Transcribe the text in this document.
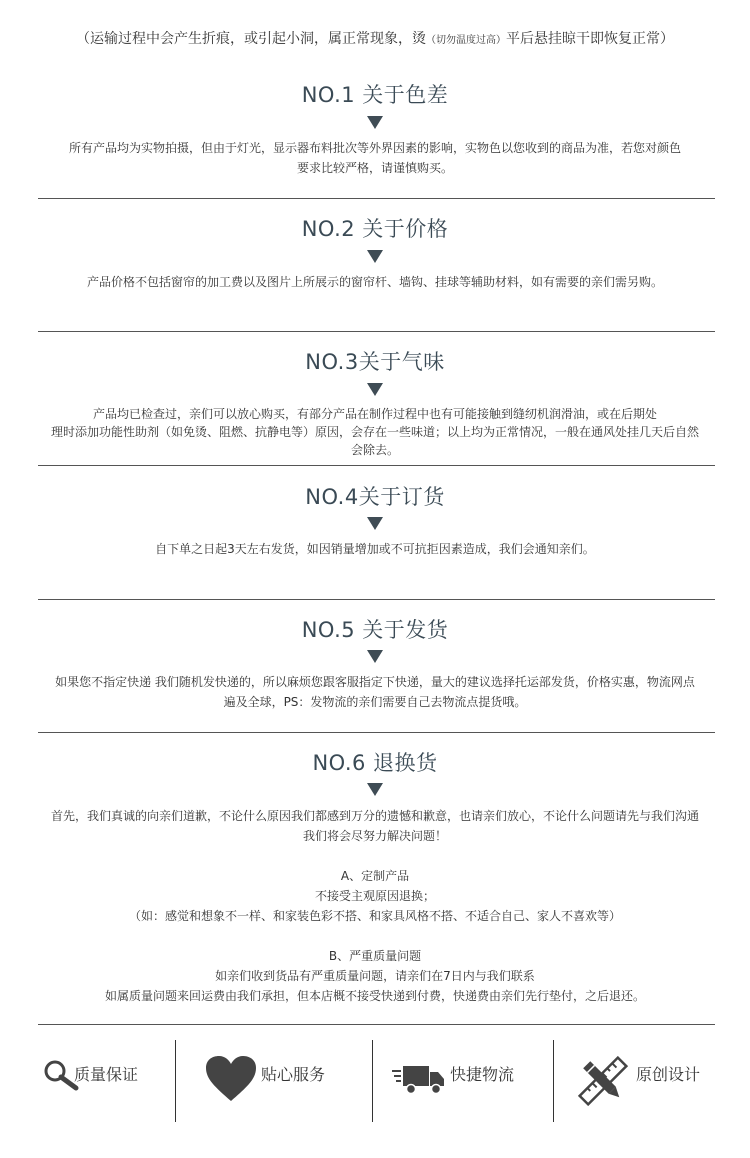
（运输过程中会产生折痕，或引起小洞，属正常现象，烫（切勿温度过高）平后悬挂晾干即恢复正常）
NO.1 关于色差
所有产品均为实物拍摄，但由于灯光，显示器布料批次等外界因素的影响，实物色以您收到的商品为准，若您对颜色
要求比较严格，请谨慎购买。
NO.2 关于价格
产品价格不包括窗帘的加工费以及图片上所展示的窗帘杆、墙钩、挂球等辅助材料，如有需要的亲们需另购。
NO.3关于气味
产品均已检查过，亲们可以放心购买，有部分产品在制作过程中也有可能接触到缝纫机润滑油，或在后期处
理时添加功能性助剂（如免烫、阻燃、抗静电等）原因，会存在一些味道；以上均为正常情况，一般在通风处挂几天后自然
会除去。
NO.4关于订货
自下单之日起3天左右发货，如因销量增加或不可抗拒因素造成，我们会通知亲们。
NO.5 关于发货
如果您不指定快递 我们随机发快递的，所以麻烦您跟客服指定下快递，量大的建议选择托运部发货，价格实惠，物流网点
遍及全球，PS：发物流的亲们需要自己去物流点提货哦。
NO.6 退换货
首先，我们真诚的向亲们道歉，不论什么原因我们都感到万分的遗憾和歉意，也请亲们放心，不论什么问题请先与我们沟通
我们将会尽努力解决问题！

A、定制产品
不接受主观原因退换；
（如：感觉和想象不一样、和家装色彩不搭、和家具风格不搭、不适合自己、家人不喜欢等）

B、严重质量问题
如亲们收到货品有严重质量问题，请亲们在7日内与我们联系
如属质量问题来回运费由我们承担，但本店概不接受快递到付费，快递费由亲们先行垫付，之后退还。
质量保证	贴心服务	快捷物流	原创设计
